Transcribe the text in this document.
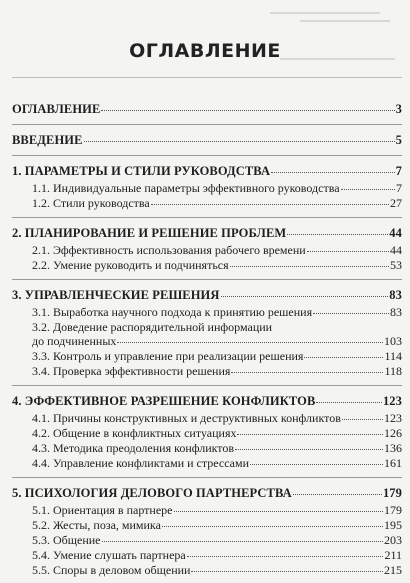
ОГЛАВЛЕНИЕ
ОГЛАВЛЕНИЕ	3
ВВЕДЕНИЕ	5
1. ПАРАМЕТРЫ И СТИЛИ РУКОВОДСТВА	7
1.1. Индивидуальные параметры эффективного руководства	7
1.2. Стили руководства	27
2. ПЛАНИРОВАНИЕ И РЕШЕНИЕ ПРОБЛЕМ	44
2.1. Эффективность использования рабочего времени	44
2.2. Умение руководить и подчиняться	53
3. УПРАВЛЕНЧЕСКИЕ РЕШЕНИЯ	83
3.1. Выработка научного подхода к принятию решения	83
3.2. Доведение распорядительной информации
до подчиненных	103
3.3. Контроль и управление при реализации решения	114
3.4. Проверка эффективности решения	118
4. ЭФФЕКТИВНОЕ РАЗРЕШЕНИЕ КОНФЛИКТОВ	123
4.1. Причины конструктивных и деструктивных конфликтов	123
4.2. Общение в конфликтных ситуациях	126
4.3. Методика преодоления конфликтов	136
4.4. Управление конфликтами и стрессами	161
5. ПСИХОЛОГИЯ ДЕЛОВОГО ПАРТНЕРСТВА	179
5.1. Ориентация в партнере	179
5.2. Жесты, поза, мимика	195
5.3. Общение	203
5.4. Умение слушать партнера	211
5.5. Споры в деловом общении	215
